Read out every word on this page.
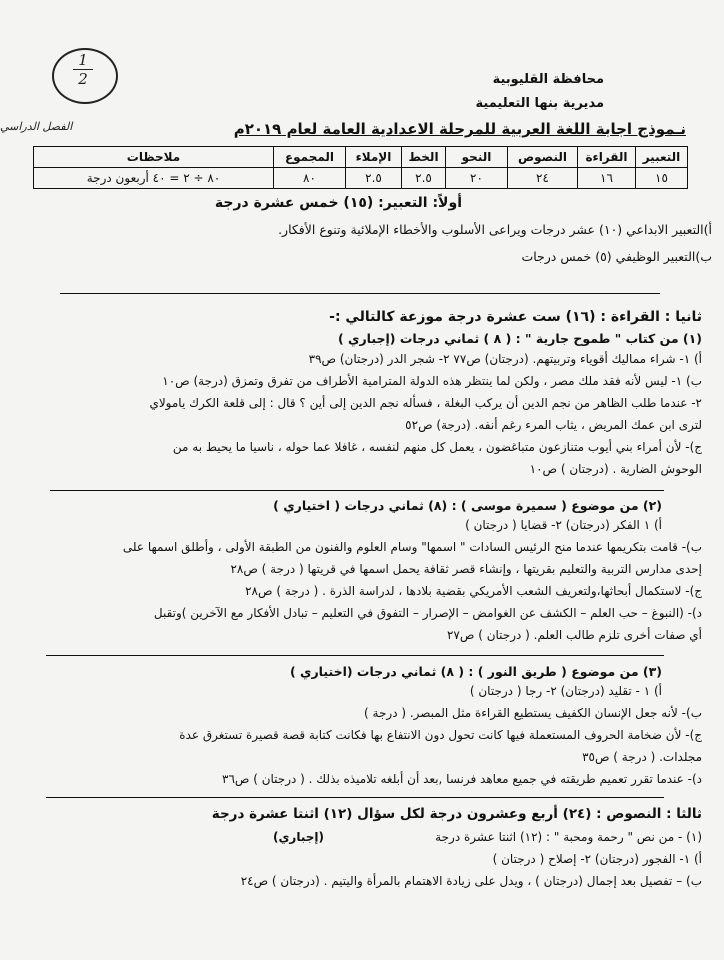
1
2
الفصل الدراسي
محافظة القليوبية
مديرية بنها التعليمية
نـموذج اجابة اللغة العربية للمرحلة الاعدادية العامة لعام ٢٠١٩م
التعبير	القراءة	النصوص	النحو	الخط	الإملاء	المجموع	ملاحظات
١٥	١٦	٢٤	٢٠	٢.٥	٢.٥	٨٠	٨٠ ÷ ٢ = ٤٠ أربعون درجة
أولاً: التعبير: (١٥) خمس عشرة درجة
أ)التعبير الابداعي (١٠) عشر درجات ويراعى الأسلوب والأخطاء الإملائية وتنوع الأفكار.
ب)التعبير الوظيفي (٥) خمس درجات
ثانيا : القراءة : (١٦) ست عشرة درجة موزعة كالتالي :-
(١) من كتاب " طموح جارية " : ( ٨ ) ثماني درجات (إجباري )
أ) ١- شراء مماليك أقوياء وتربيتهم. (درجتان) ص٧٧ ٢- شجر الدر (درجتان) ص٣٩
ب) ١- ليس لأنه فقد ملك مصر ، ولكن لما ينتظر هذه الدولة المترامية الأطراف من تفرق وتمزق (درجة) ص١٠
٢- عندما طلب الظاهر من نجم الدين أن يركب البغلة ، فسأله نجم الدين إلى أين ؟ قال : إلى قلعة الكرك يامولاي
لترى ابن عمك المريض ، يثاب المرء رغم أنفه. (درجة) ص٥٢
ج)- لأن أمراء بني أيوب متنازعون متباغضون ، يعمل كل منهم لنفسه ، غافلا عما حوله ، ناسيا ما يحيط به من
الوحوش الضارية . (درجتان ) ص١٠
(٢) من موضوع ( سميرة موسى ) : (٨) ثماني درجات ( اختياري )
أ) ١ الفكر (درجتان) ٢- قضايا ( درجتان )
ب)- قامت بتكريمها عندما منح الرئيس السادات " اسمها" وسام العلوم والفنون من الطبقة الأولى ، وأطلق اسمها على
إحدى مدارس التربية والتعليم بقريتها ، وإنشاء قصر ثقافة يحمل اسمها في قريتها ( درجة ) ص٢٨
ج)- لاستكمال أبحاثها،ولتعريف الشعب الأمريكي بقضية بلادها ، لدراسة الذرة . ( درجة ) ص٢٨
د)- (النبوغ – حب العلم – الكشف عن الغوامض – الإصرار – التفوق في التعليم – تبادل الأفكار مع الآخرين )وتقبل
أي صفات أخرى تلزم طالب العلم. ( درجتان ) ص٢٧
(٣) من موضوع ( طريق النور ) : ( ٨) ثماني درجات (اختياري )
أ) ١ - تقليد (درجتان) ٢- رجا ( درجتان )
ب)- لأنه جعل الإنسان الكفيف يستطيع القراءة مثل المبصر. ( درجة )
ج)- لأن ضخامة الحروف المستعملة فيها كانت تحول دون الانتفاع بها فكانت كتابة قصة قصيرة تستغرق عدة
مجلدات. ( درجة ) ص٣٥
د)- عندما تقرر تعميم طريقته في جميع معاهد فرنسا ,بعد أن أبلغه تلاميذه بذلك . ( درجتان ) ص٣٦
ثالثا : النصوص : (٢٤) أربع وعشرون درجة لكل سؤال (١٢) اثنتا عشرة درجة
(١) - من نص " رحمة ومحبة " : (١٢) اثنتا عشرة درجة
(إجباري)
أ) ١- الفجور (درجتان) ٢- إصلاح ( درجتان )
ب) – تفصيل بعد إجمال (درجتان ) ، ويدل على زيادة الاهتمام بالمرأة واليتيم . (درجتان ) ص٢٤
